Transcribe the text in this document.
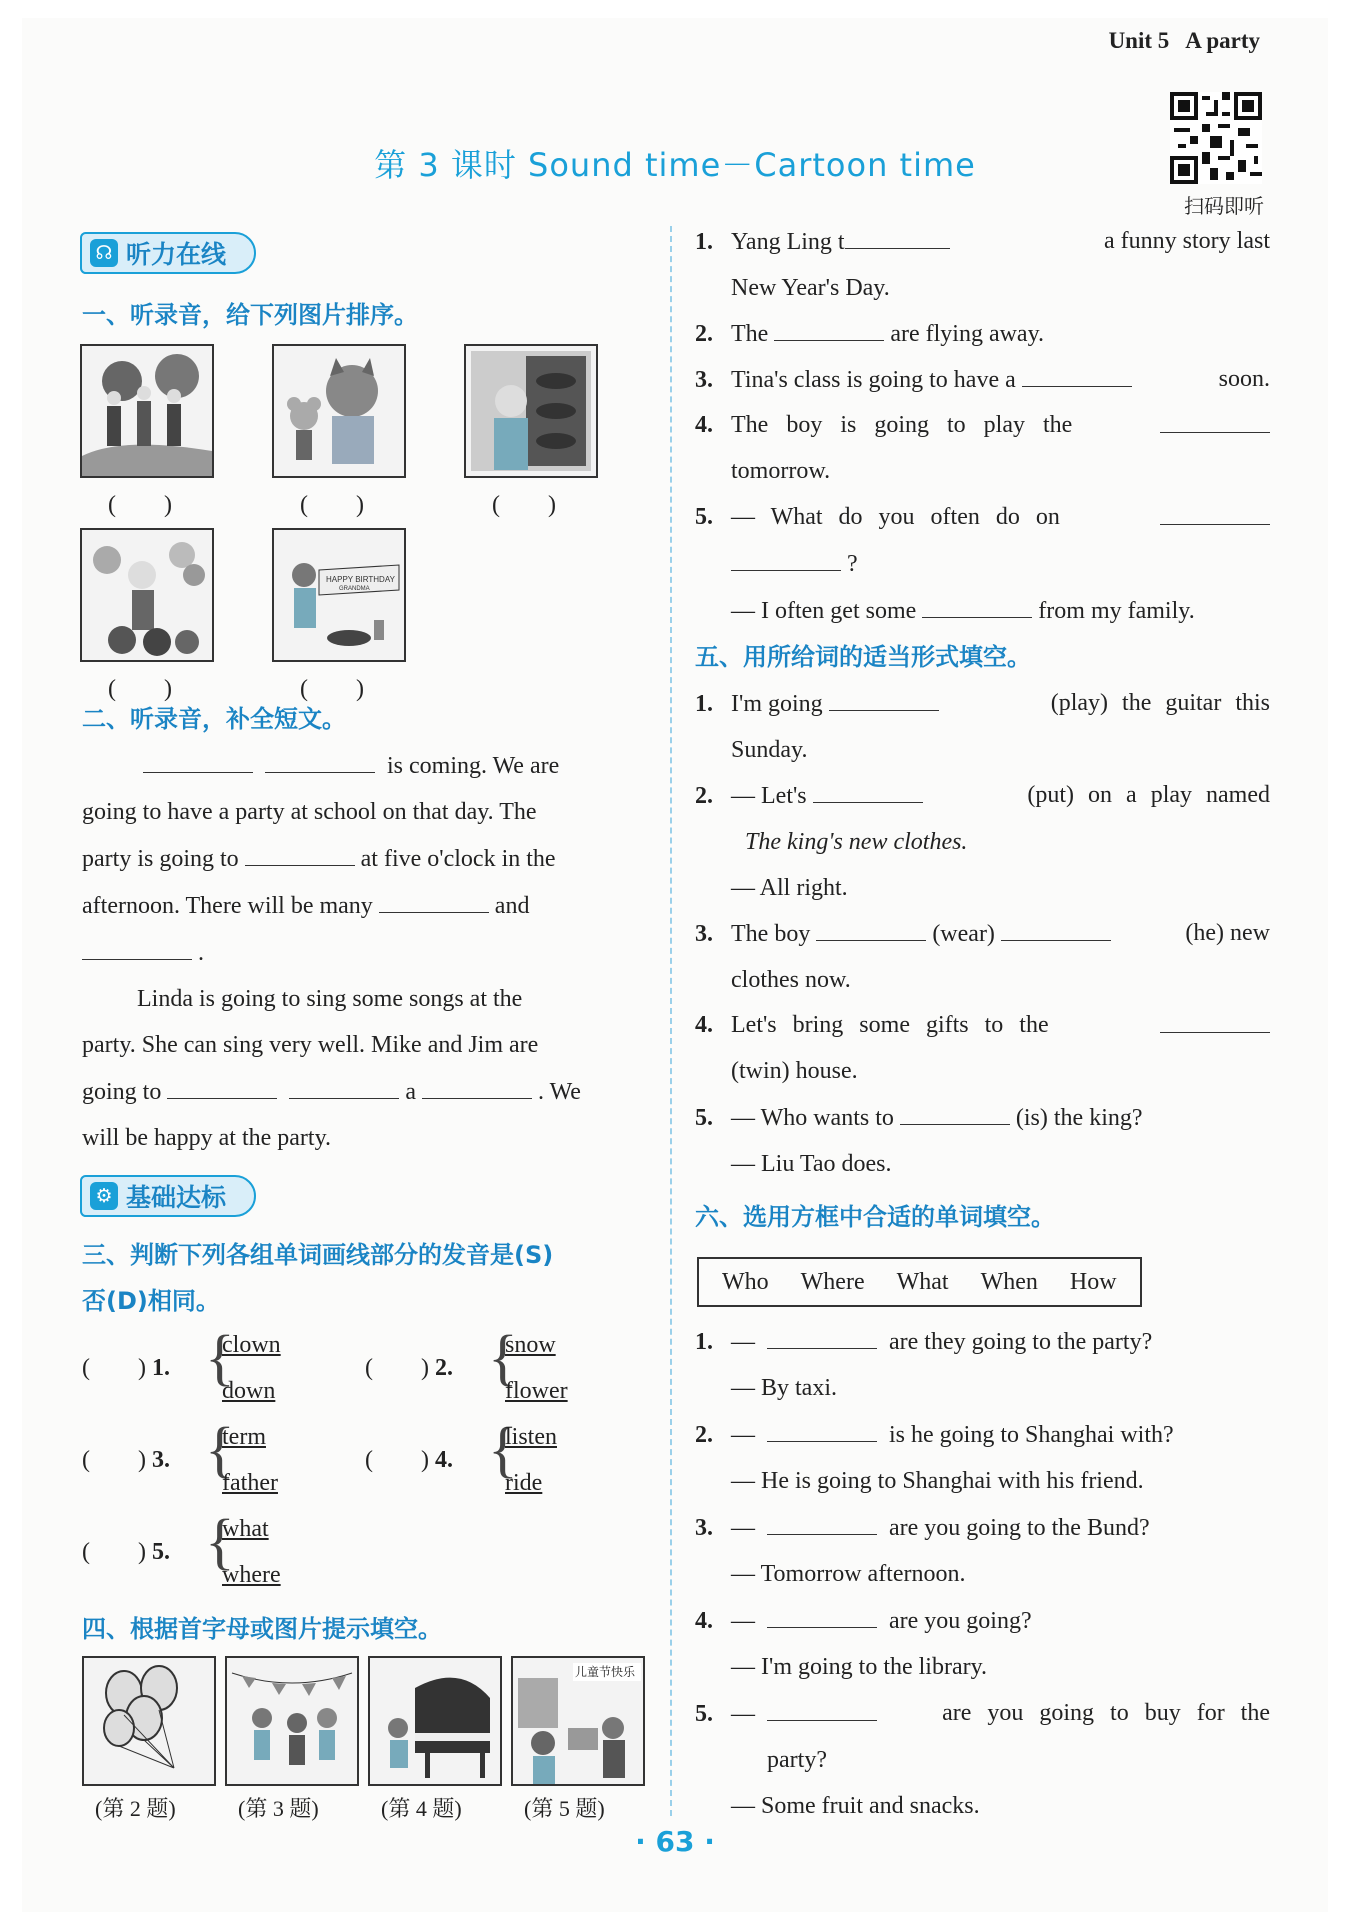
Unit 5 A party
第 3 课时 Sound time－Cartoon time
扫码即听
☊ 听力在线
一、听录音，给下列图片排序。
(　　)	(　　)	(　　)
HAPPY BIRTHDAY
GRANDMA
(　　)	(　　)
二、听录音，补全短文。
is coming. We are
going to have a party at school on that day. The
party is going to	at five o'clock in the
afternoon. There will be many	and
.
Linda is going to sing some songs at the
party. She can sing very well. Mike and Jim are
going to	a	. We
will be happy at the party.
⚙ 基础达标
三、判断下列各组单词画线部分的发音是(S)
否(D)相同。
(　　) 1. {
clown
down
(　　) 2. {
snow
flower
(　　) 3. {
term
father
(　　) 4. {
listen
ride
(　　) 5. {
what
where
四、根据首字母或图片提示填空。
儿童节快乐
(第 2 题)	(第 3 题)	(第 4 题)	(第 5 题)
1. Yang Ling t	a funny story last
New Year's Day.
2. The	are flying away.
3. Tina's class is going to have a	soon.
4. The boy is going to play the
tomorrow.
5. — What do you often do on
?
— I often get some	from my family.
五、用所给词的适当形式填空。
1. I'm going	(play) the guitar this
Sunday.
2. — Let's	(put) on a play named
The king's new clothes.
— All right.
3. The boy	(wear)	(he) new
clothes now.
4. Let's bring some gifts to the
(twin) house.
5. — Who wants to	(is) the king?
— Liu Tao does.
六、选用方框中合适的单词填空。
Who Where What When How
1. —	are they going to the party?
— By taxi.
2. —	is he going to Shanghai with?
— He is going to Shanghai with his friend.
3. —	are you going to the Bund?
— Tomorrow afternoon.
4. —	are you going?
— I'm going to the library.
5. —	are you going to buy for the
party?
— Some fruit and snacks.
· 63 ·
